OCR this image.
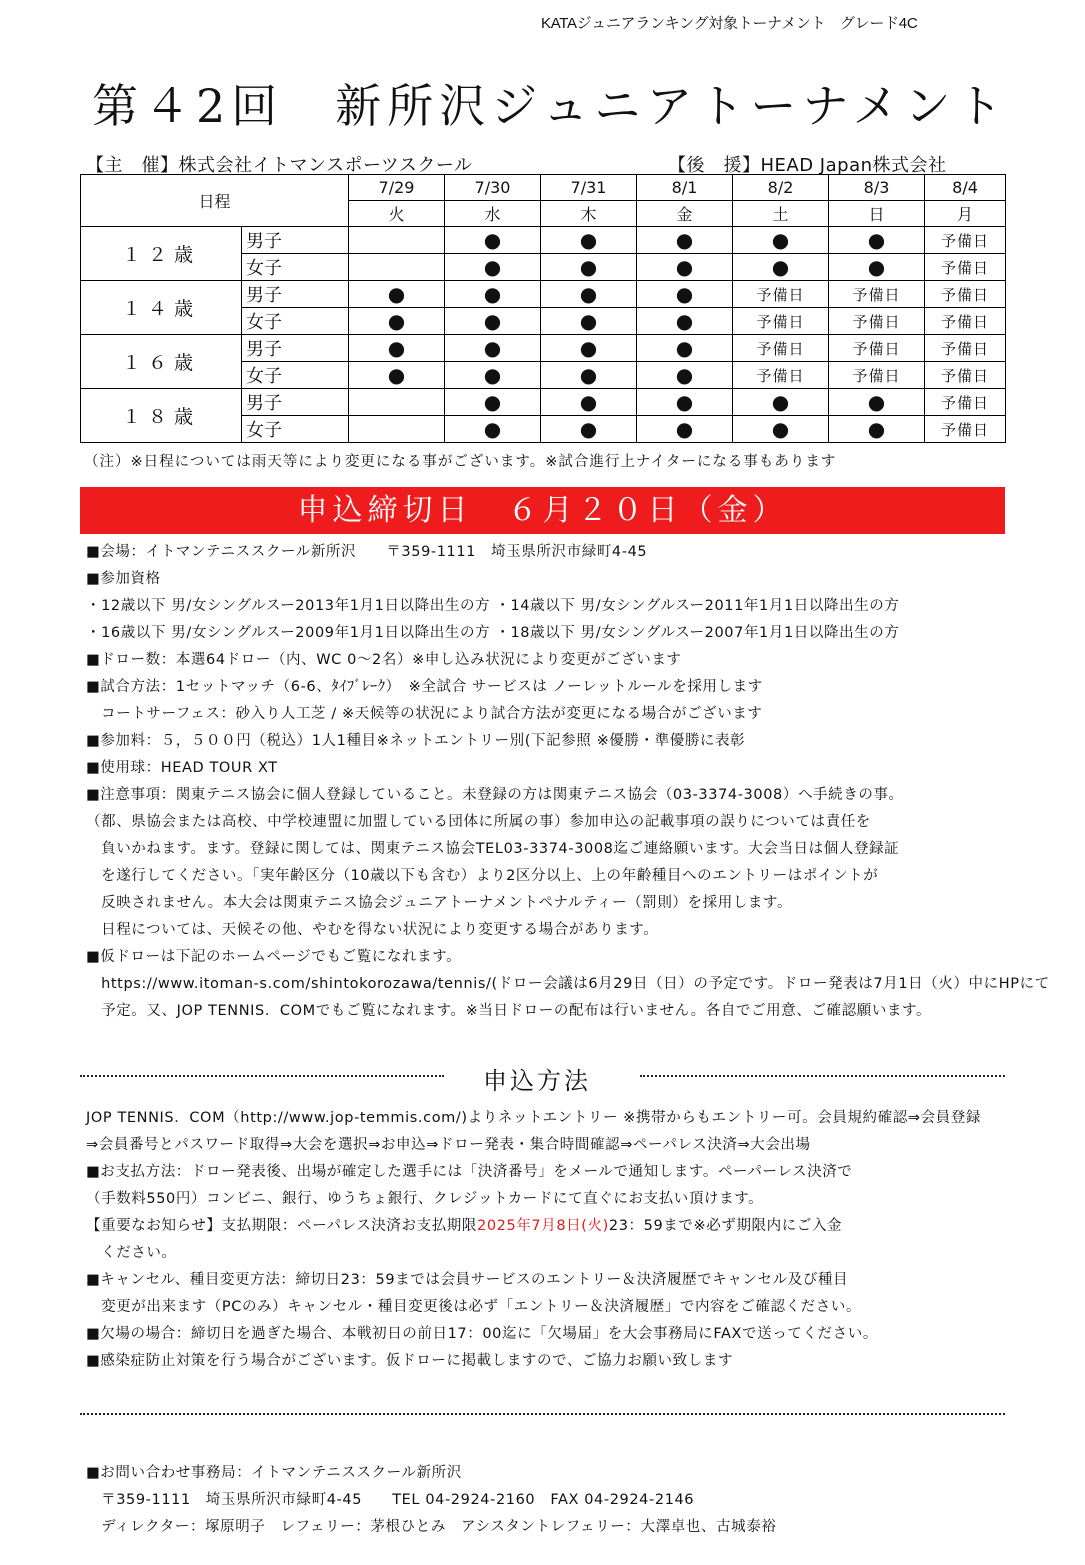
KATAジュニアランキング対象トーナメント　グレード4C
第４2回　新所沢ジュニアトーナメント
【主　催】株式会社イトマンスポーツスクール	【後　援】HEAD Japan株式会社
日程		7/29	7/30	7/31	8/1	8/2	8/3	8/4
		火	水	木	金	土	日	月
１２歳	男子		●	●	●	●	●	予備日
	女子		●	●	●	●	●	予備日
１４歳	男子	●	●	●	●	予備日	予備日	予備日
	女子	●	●	●	●	予備日	予備日	予備日
１６歳	男子	●	●	●	●	予備日	予備日	予備日
	女子	●	●	●	●	予備日	予備日	予備日
１８歳	男子		●	●	●	●	●	予備日
	女子		●	●	●	●	●	予備日
（注）※日程については雨天等により変更になる事がございます。※試合進行上ナイターになる事もあります
申込締切日　６月２０日（金）
■会場：イトマンテニススクール新所沢　　〒359-1111　埼玉県所沢市緑町4-45
■参加資格
・12歳以下 男/女シングルスー2013年1月1日以降出生の方 ・14歳以下 男/女シングルスー2011年1月1日以降出生の方
・16歳以下 男/女シングルスー2009年1月1日以降出生の方 ・18歳以下 男/女シングルスー2007年1月1日以降出生の方
■ドロー数：本選64ドロー（内、WC 0～2名）※申し込み状況により変更がございます
■試合方法：1セットマッチ（6-6、ﾀｲﾌﾞﾚｰｸ）　※全試合 サービスは ノーレットルールを採用します
　コートサーフェス：砂入り人工芝 / ※天候等の状況により試合方法が変更になる場合がございます
■参加料：５，５００円（税込）1人1種目※ネットエントリー別(下記参照 ※優勝・準優勝に表彰
■使用球：HEAD TOUR XT
■注意事項：関東テニス協会に個人登録していること。未登録の方は関東テニス協会（03-3374-3008）へ手続きの事。
（都、県協会または高校、中学校連盟に加盟している団体に所属の事）参加申込の記載事項の誤りについては責任を
　負いかねます。ます。登録に関しては、関東テニス協会TEL03-3374-3008迄ご連絡願います。大会当日は個人登録証
　を遂行してください。「実年齢区分（10歳以下も含む）より2区分以上、上の年齢種目へのエントリーはポイントが
　反映されません。本大会は関東テニス協会ジュニアトーナメントペナルティー（罰則）を採用します。
　日程については、天候その他、やむを得ない状況により変更する場合があります。
■仮ドローは下記のホームページでもご覧になれます。
　https://www.itoman-s.com/shintokorozawa/tennis/(ドロー会議は6月29日（日）の予定です。ドロー発表は7月1日（火）中にHPにて
　予定。又、JOP TENNIS．COMでもご覧になれます。※当日ドローの配布は行いません。各自でご用意、ご確認願います。
申込方法
JOP TENNIS．COM（http://www.jop-temmis.com/)よりネットエントリー ※携帯からもエントリー可。会員規約確認⇒会員登録
⇒会員番号とパスワード取得⇒大会を選択⇒お申込⇒ドロー発表・集合時間確認⇒ペーパレス決済⇒大会出場
■お支払方法：ドロー発表後、出場が確定した選手には「決済番号」をメールで通知します。ペーパーレス決済で
（手数料550円）コンビニ、銀行、ゆうちょ銀行、クレジットカードにて直ぐにお支払い頂けます。
【重要なお知らせ】支払期限：ペーパレス決済お支払期限2025年7月8日(火)23：59まで※必ず期限内にご入金
　ください。
■キャンセル、種目変更方法：締切日23：59までは会員サービスのエントリー＆決済履歴でキャンセル及び種目
　変更が出来ます（PCのみ）キャンセル・種目変更後は必ず「エントリー＆決済履歴」で内容をご確認ください。
■欠場の場合：締切日を過ぎた場合、本戦初日の前日17：00迄に「欠場届」を大会事務局にFAXで送ってください。
■感染症防止対策を行う場合がございます。仮ドローに掲載しますので、ご協力お願い致します
■お問い合わせ事務局：イトマンテニススクール新所沢
　〒359-1111　埼玉県所沢市緑町4-45　　TEL 04-2924-2160　FAX 04-2924-2146
　ディレクター：塚原明子　レフェリー：茅根ひとみ　アシスタントレフェリー：大澤卓也、古城泰裕
